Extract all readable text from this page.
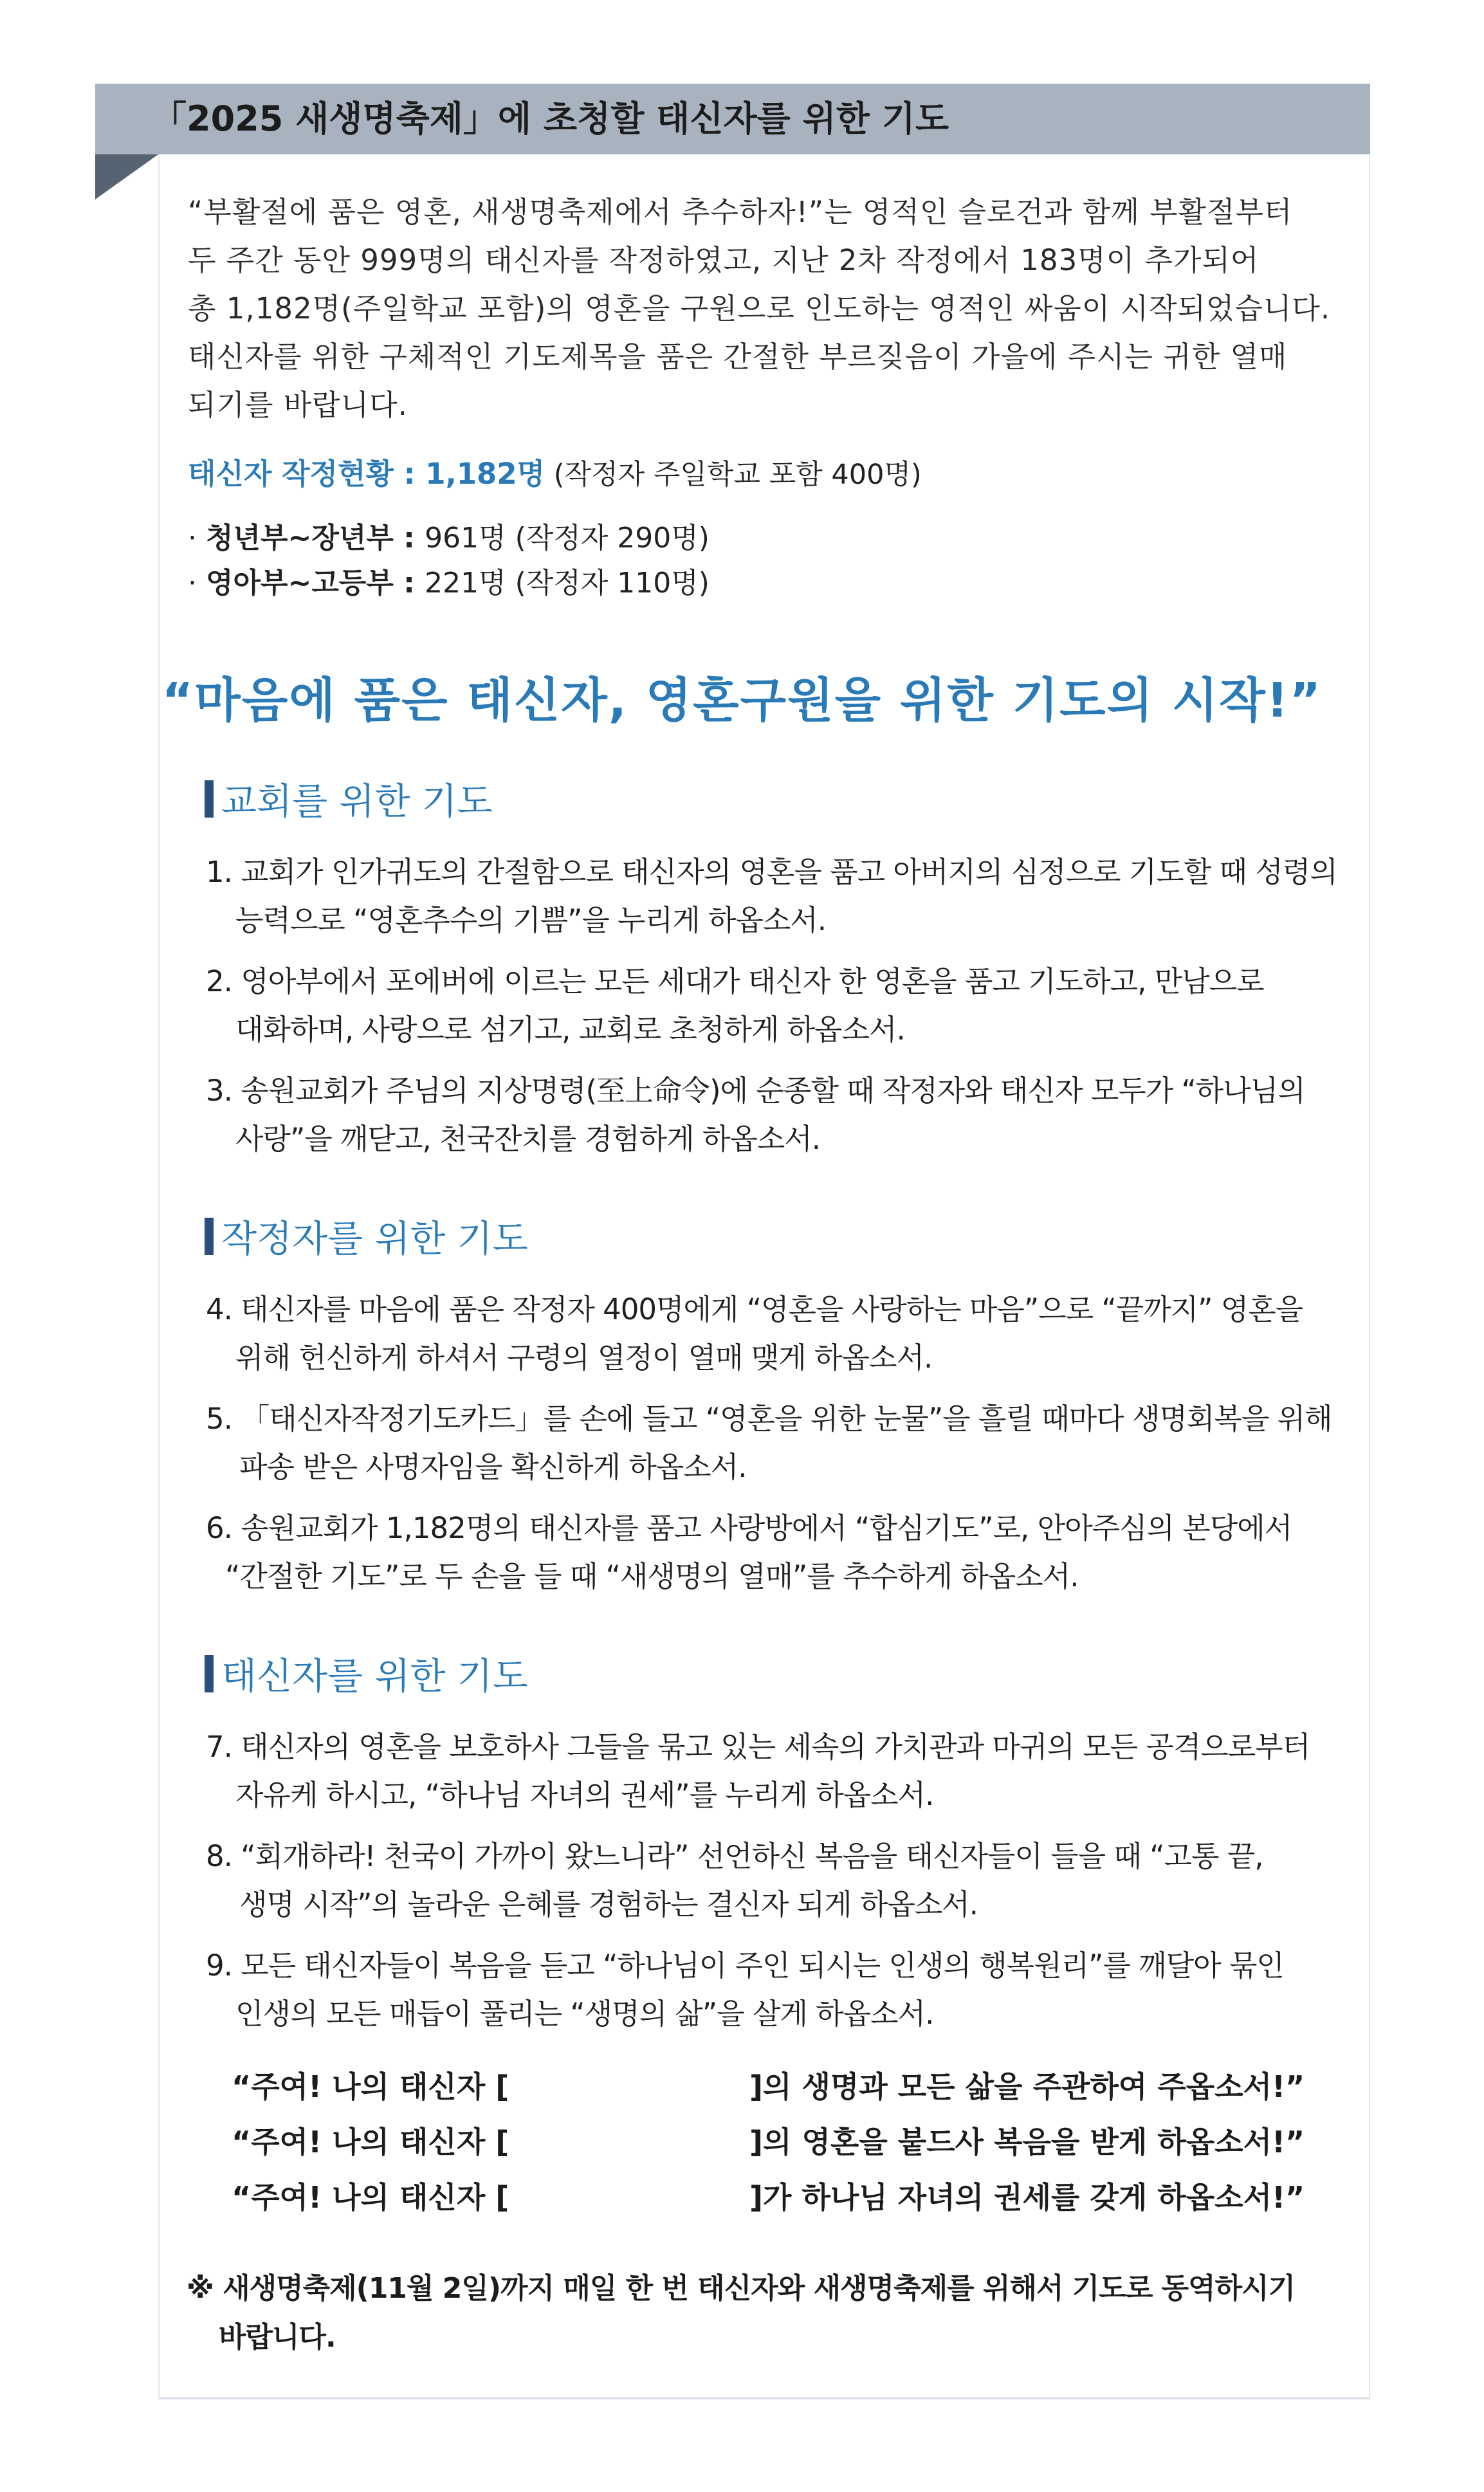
「2025 새생명축제」에 초청할 태신자를 위한 기도
“부활절에 품은 영혼, 새생명축제에서 추수하자!”는 영적인 슬로건과 함께 부활절부터
두 주간 동안 999명의 태신자를 작정하였고, 지난 2차 작정에서 183명이 추가되어
총 1,182명(주일학교 포함)의 영혼을 구원으로 인도하는 영적인 싸움이 시작되었습니다.
태신자를 위한 구체적인 기도제목을 품은 간절한 부르짖음이 가을에 주시는 귀한 열매
되기를 바랍니다.
태신자 작정현황 : 1,182명 (작정자 주일학교 포함 400명)
· 청년부~장년부 : 961명 (작정자 290명)
· 영아부~고등부 : 221명 (작정자 110명)
“마음에 품은 태신자, 영혼구원을 위한 기도의 시작!”
교회를 위한 기도
1. 교회가 인가귀도의 간절함으로 태신자의 영혼을 품고 아버지의 심정으로 기도할 때 성령의
능력으로 “영혼추수의 기쁨”을 누리게 하옵소서.
2. 영아부에서 포에버에 이르는 모든 세대가 태신자 한 영혼을 품고 기도하고, 만남으로
대화하며, 사랑으로 섬기고, 교회로 초청하게 하옵소서.
3. 송원교회가 주님의 지상명령(至上命令)에 순종할 때 작정자와 태신자 모두가 “하나님의
사랑”을 깨닫고, 천국잔치를 경험하게 하옵소서.
작정자를 위한 기도
4. 태신자를 마음에 품은 작정자 400명에게 “영혼을 사랑하는 마음”으로 “끝까지” 영혼을
위해 헌신하게 하셔서 구령의 열정이 열매 맺게 하옵소서.
5. 「태신자작정기도카드」를 손에 들고 “영혼을 위한 눈물”을 흘릴 때마다 생명회복을 위해
파송 받은 사명자임을 확신하게 하옵소서.
6. 송원교회가 1,182명의 태신자를 품고 사랑방에서 “합심기도”로, 안아주심의 본당에서
“간절한 기도”로 두 손을 들 때 “새생명의 열매”를 추수하게 하옵소서.
태신자를 위한 기도
7. 태신자의 영혼을 보호하사 그들을 묶고 있는 세속의 가치관과 마귀의 모든 공격으로부터
자유케 하시고, “하나님 자녀의 권세”를 누리게 하옵소서.
8. “회개하라! 천국이 가까이 왔느니라” 선언하신 복음을 태신자들이 들을 때 “고통 끝,
생명 시작”의 놀라운 은혜를 경험하는 결신자 되게 하옵소서.
9. 모든 태신자들이 복음을 듣고 “하나님이 주인 되시는 인생의 행복원리”를 깨달아 묶인
인생의 모든 매듭이 풀리는 “생명의 삶”을 살게 하옵소서.
“주여! 나의 태신자 [	]의 생명과 모든 삶을 주관하여 주옵소서!”
“주여! 나의 태신자 [	]의 영혼을 붙드사 복음을 받게 하옵소서!”
“주여! 나의 태신자 [	]가 하나님 자녀의 권세를 갖게 하옵소서!”
※ 새생명축제(11월 2일)까지 매일 한 번 태신자와 새생명축제를 위해서 기도로 동역하시기
바랍니다.
